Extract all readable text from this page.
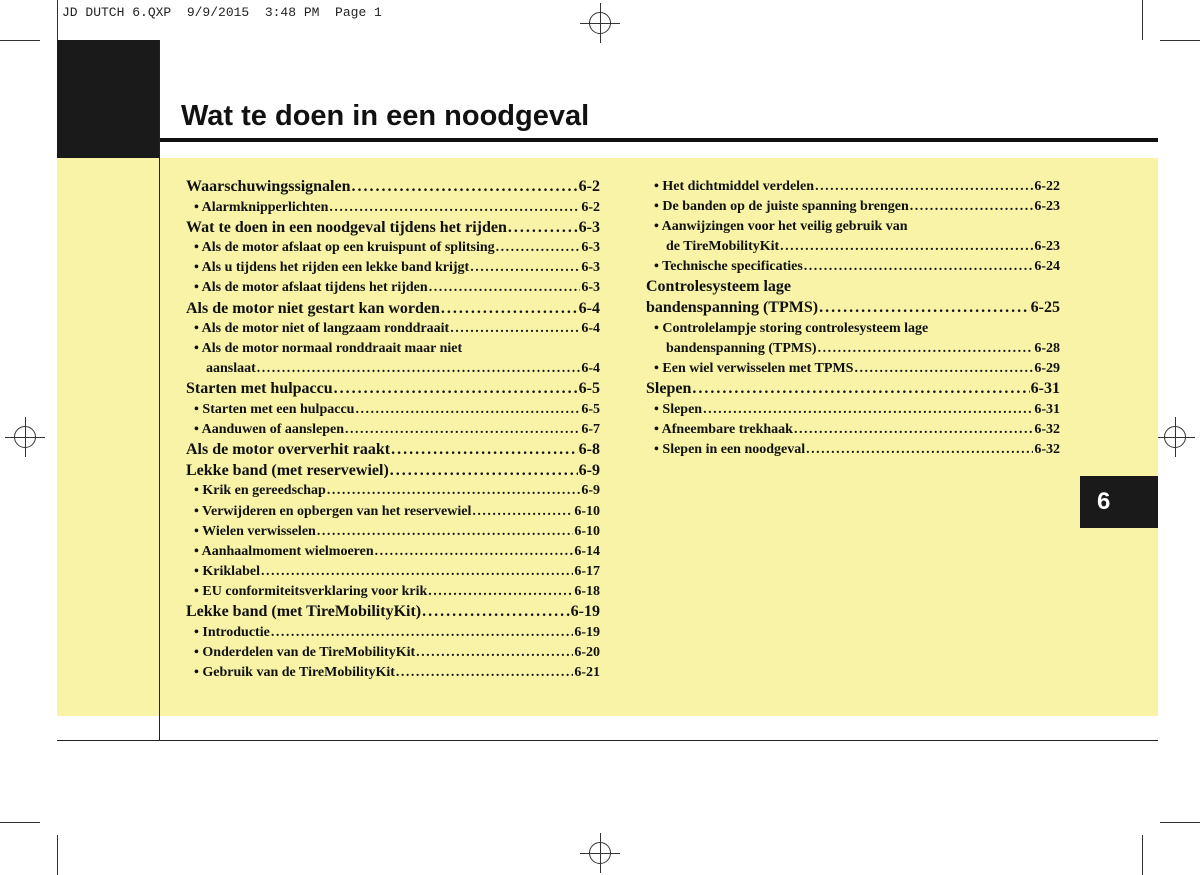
JD DUTCH 6.QXP  9/9/2015  3:48 PM  Page 1
Wat te doen in een noodgeval
6
Waarschuwingssignalen . . .	6-2
• Alarmknipperlichten . . .	6-2
Wat te doen in een noodgeval tijdens het rijden . . .	6-3
• Als de motor afslaat op een kruispunt of splitsing . . .	6-3
• Als u tijdens het rijden een lekke band krijgt . . .	6-3
• Als de motor afslaat tijdens het rijden . . .	6-3
Als de motor niet gestart kan worden . . .	6-4
• Als de motor niet of langzaam ronddraait . . .	6-4
• Als de motor normaal ronddraait maar niet
aanslaat . . .	6-4
Starten met hulpaccu . . .	6-5
• Starten met een hulpaccu . . .	6-5
• Aanduwen of aanslepen . . .	6-7
Als de motor oververhit raakt . . .	6-8
Lekke band (met reservewiel) . . .	6-9
• Krik en gereedschap . . .	6-9
• Verwijderen en opbergen van het reservewiel . . .	6-10
• Wielen verwisselen . . .	6-10
• Aanhaalmoment wielmoeren . . .	6-14
• Kriklabel . . .	6-17
• EU conformiteitsverklaring voor krik . . .	6-18
Lekke band (met TireMobilityKit) . . .	6-19
• Introductie . . .	6-19
• Onderdelen van de TireMobilityKit . . .	6-20
• Gebruik van de TireMobilityKit . . .	6-21
• Het dichtmiddel verdelen . . .	6-22
• De banden op de juiste spanning brengen . . .	6-23
• Aanwijzingen voor het veilig gebruik van
de TireMobilityKit . . .	6-23
• Technische specificaties . . .	6-24
Controlesysteem lage
bandenspanning (TPMS) . . .	6-25
• Controlelampje storing controlesysteem lage
bandenspanning (TPMS) . . .	6-28
• Een wiel verwisselen met TPMS . . .	6-29
Slepen . . .	6-31
• Slepen . . .	6-31
• Afneembare trekhaak . . .	6-32
• Slepen in een noodgeval . . .	6-32
